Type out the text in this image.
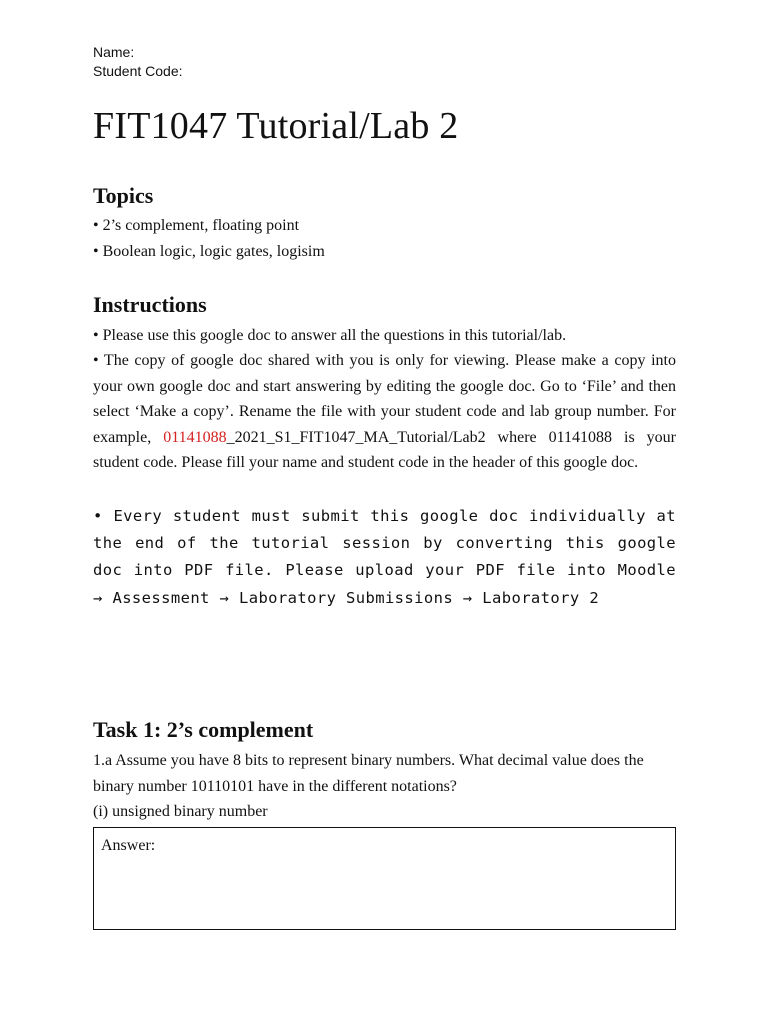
Name:
Student Code:
FIT1047 Tutorial/Lab 2
Topics
• 2’s complement, floating point
• Boolean logic, logic gates, logisim
Instructions

• Please use this google doc to answer all the questions in this tutorial/lab.

• The copy of google doc shared with you is only for viewing. Please make a copy into your own google doc and start answering by editing the google doc. Go to ‘File’ and then select ‘Make a copy’. Rename the file with your student code and lab group number. For example, 01141088_2021_S1_FIT1047_MA_Tutorial/Lab2 where 01141088 is your student code. Please fill your name and student code in the header of this google doc.

• Every student must submit this google doc individually at the end of the tutorial session by converting this google doc into PDF file. Please upload your PDF file into Moodle → Assessment → Laboratory Submissions → Laboratory 2

Task 1: 2’s complement

1.a Assume you have 8 bits to represent binary numbers. What decimal value does the binary number 10110101 have in the different notations?

(i) unsigned binary number

Answer:
